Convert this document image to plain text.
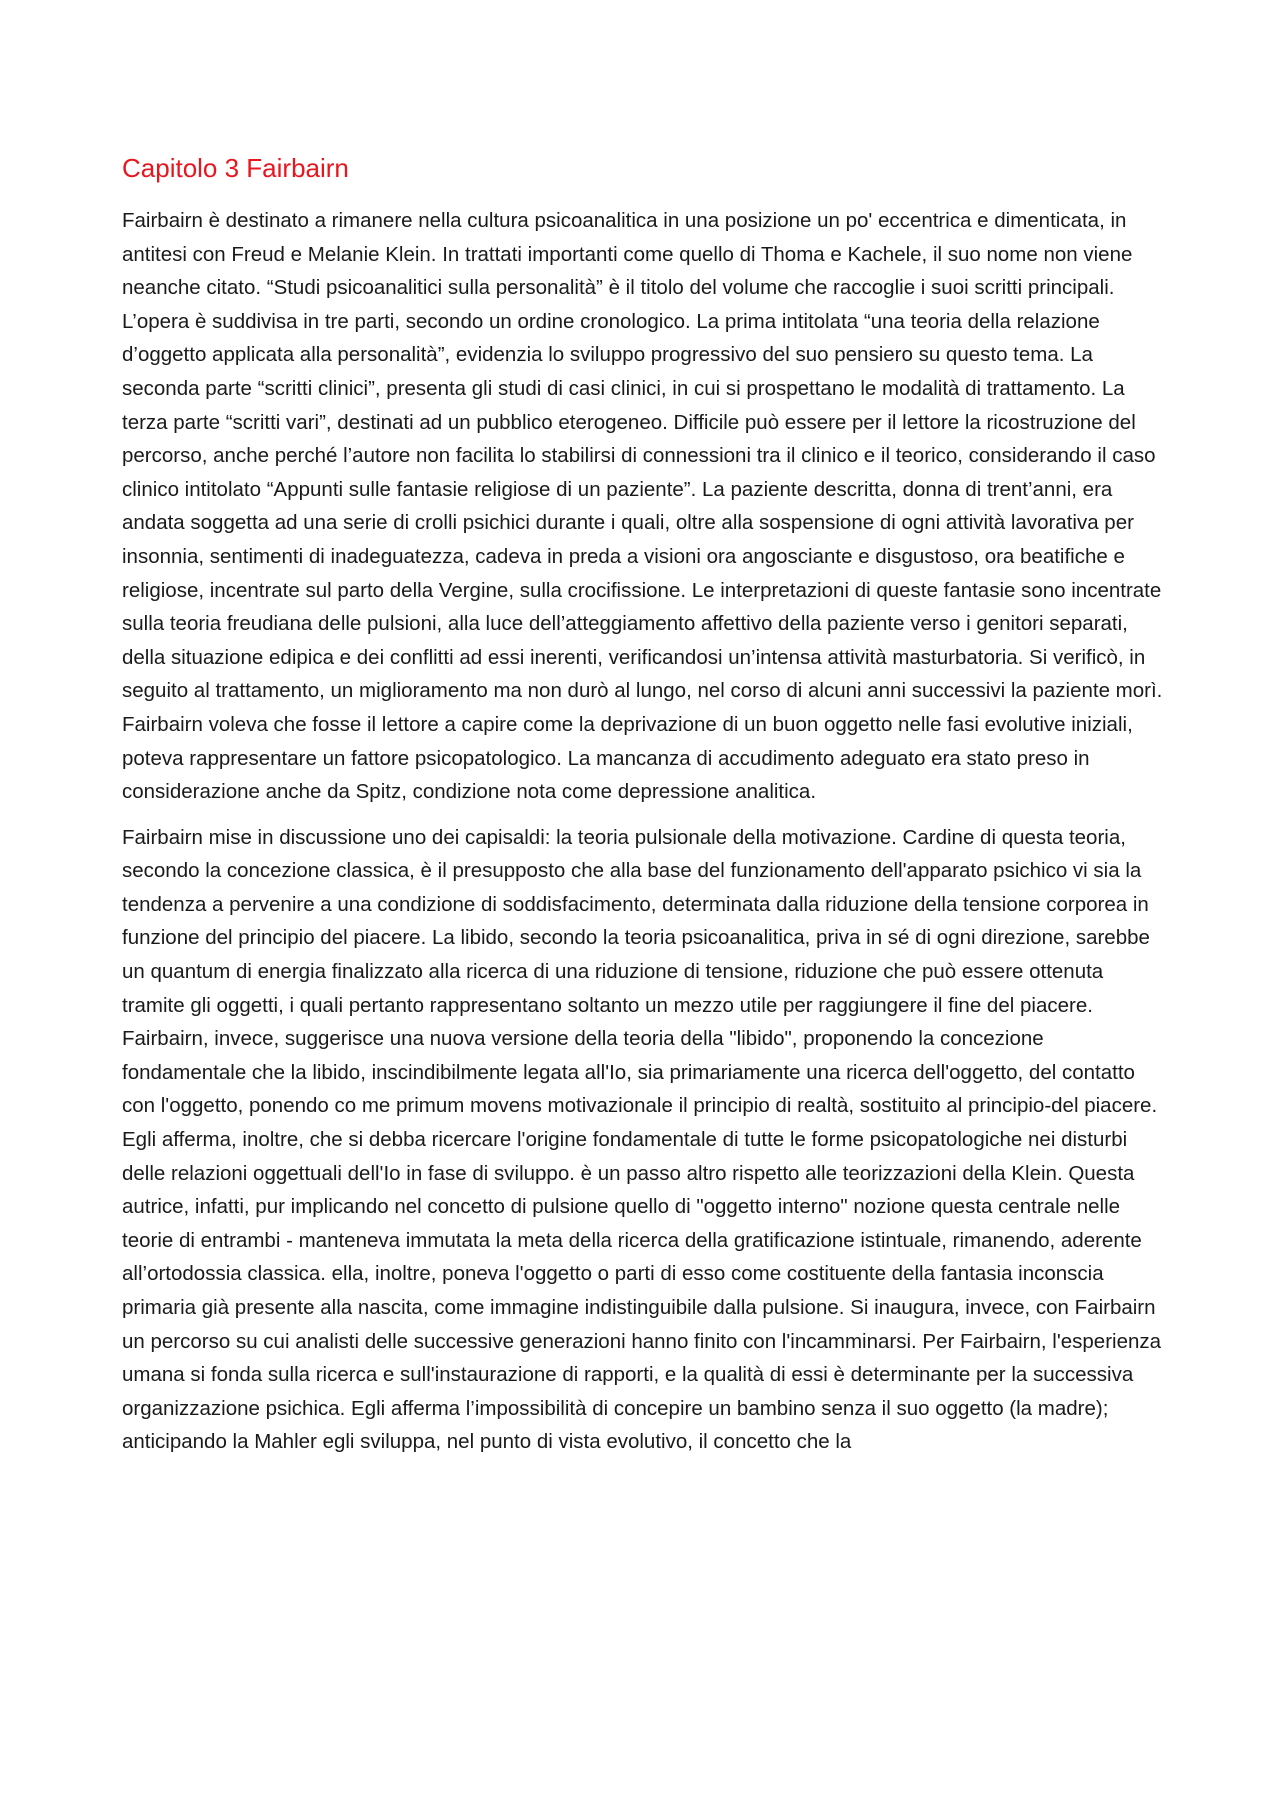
Capitolo 3 Fairbairn

Fairbairn è destinato a rimanere nella cultura psicoanalitica in una posizione un po' eccentrica e dimenticata, in antitesi con Freud e Melanie Klein. In trattati importanti come quello di Thoma e Kachele, il suo nome non viene neanche citato. “Studi psicoanalitici sulla personalità” è il titolo del volume che raccoglie i suoi scritti principali. L’opera è suddivisa in tre parti, secondo un ordine cronologico. La prima intitolata “una teoria della relazione d’oggetto applicata alla personalità”, evidenzia lo sviluppo progressivo del suo pensiero su questo tema. La seconda parte “scritti clinici”, presenta gli studi di casi clinici, in cui si prospettano le modalità di trattamento. La terza parte “scritti vari”, destinati ad un pubblico eterogeneo. Difficile può essere per il lettore la ricostruzione del percorso, anche perché l’autore non facilita lo stabilirsi di connessioni tra il clinico e il teorico, considerando il caso clinico intitolato “Appunti sulle fantasie religiose di un paziente”. La paziente descritta, donna di trent’anni, era andata soggetta ad una serie di crolli psichici durante i quali, oltre alla sospensione di ogni attività lavorativa per insonnia, sentimenti di inadeguatezza, cadeva in preda a visioni ora angosciante e disgustoso, ora beatifiche e religiose, incentrate sul parto della Vergine, sulla crocifissione. Le interpretazioni di queste fantasie sono incentrate sulla teoria freudiana delle pulsioni, alla luce dell’atteggiamento affettivo della paziente verso i genitori separati, della situazione edipica e dei conflitti ad essi inerenti, verificandosi un’intensa attività masturbatoria. Si verificò, in seguito al trattamento, un miglioramento ma non durò al lungo, nel corso di alcuni anni successivi la paziente morì. Fairbairn voleva che fosse il lettore a capire come la deprivazione di un buon oggetto nelle fasi evolutive iniziali, poteva rappresentare un fattore psicopatologico. La mancanza di accudimento adeguato era stato preso in considerazione anche da Spitz, condizione nota come depressione analitica.

Fairbairn mise in discussione uno dei capisaldi: la teoria pulsionale della motivazione. Cardine di questa teoria, secondo la concezione classica, è il presupposto che alla base del funzionamento dell'apparato psichico vi sia la tendenza a pervenire a una condizione di soddisfacimento, determinata dalla riduzione della tensione corporea in funzione del principio del piacere. La libido, secondo la teoria psicoanalitica, priva in sé di ogni direzione, sarebbe un quantum di energia finalizzato alla ricerca di una riduzione di tensione, riduzione che può essere ottenuta tramite gli oggetti, i quali pertanto rappresentano soltanto un mezzo utile per raggiungere il fine del piacere. Fairbairn, invece, suggerisce una nuova versione della teoria della "libido", proponendo la concezione fondamentale che la libido, inscindibilmente legata all'Io, sia primariamente una ricerca dell'oggetto, del contatto con l'oggetto, ponendo co me primum movens motivazionale il principio di realtà, sostituito al principio-del piacere. Egli afferma, inoltre, che si debba ricercare l'origine fondamentale di tutte le forme psicopatologiche nei disturbi delle relazioni oggettuali dell'Io in fase di sviluppo. è un passo altro rispetto alle teorizzazioni della Klein. Questa autrice, infatti, pur implicando nel concetto di pulsione quello di "oggetto interno" nozione questa centrale nelle teorie di entrambi - manteneva immutata la meta della ricerca della gratificazione istintuale, rimanendo, aderente all’ortodossia classica. ella, inoltre, poneva l'oggetto o parti di esso come costituente della fantasia inconscia primaria già presente alla nascita, come immagine indistinguibile dalla pulsione. Si inaugura, invece, con Fairbairn un percorso su cui analisti delle successive generazioni hanno finito con l'incamminarsi. Per Fairbairn, l'esperienza umana si fonda sulla ricerca e sull'instaurazione di rapporti, e la qualità di essi è determinante per la successiva organizzazione psichica. Egli afferma l’impossibilità di concepire un bambino senza il suo oggetto (la madre); anticipando la Mahler egli sviluppa, nel punto di vista evolutivo, il concetto che la
